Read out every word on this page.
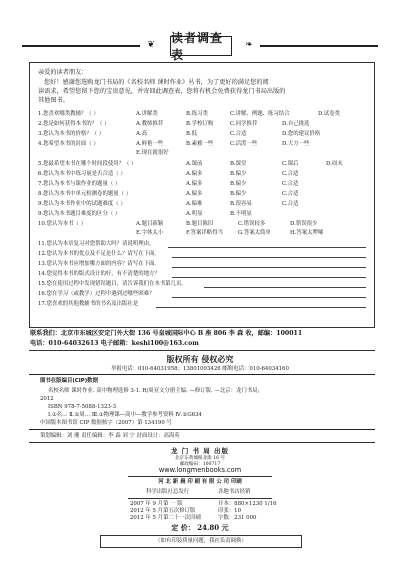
❦	读者调查表
❧
亲爱的读者朋友：
您好！感谢您选购龙门书局的《名校名师 课时作业》丛书，为了更好的满足您的阅
读需求，希望您留下您的宝贵意见，并寄回此调查表，您将有机会免费获得龙门书局出版的
其他图书。
1.您喜欢哪类教辅？（ ）	A.讲解类	B.练习类	C.讲解、例题、练习结合	D.试卷类
2.您是如何获得本书的？（ ）	A.教师推荐	B.学校订购	C.同学推荐	D.自己挑选
3.您认为本书的价格？（ ）	A.高	B.低	C.合适	D.您的建议价格
4.您希望本书的封面（ ）	A.鲜艳一些	B.素雅一些	C.活泼一些	D.大方一些
E.现在就很好
5.您最希望本书在哪个时间段使用？（ ）	A.课前	B.课堂	C.课后	D.周末
6.您认为本书中练习量是否合适（ ）	A.偏多	B.偏少	C.合适
7.您认为本书与课作业的题量（ ）	A.偏多	B.偏少	C.合适
8.您认为本书中单元检测卷的题量（ ）	A.偏多	B.偏少	C.合适
9.您认为本书作业中的试题难度（ ）	A.偏难	B.很容易	C.合适
9.您认为本书题目难度的区分（ ）	A.明显	B.不明显
10.您认为本书（ ）	A.题目新颖	B.题目陈旧	C.错误较多	D.错误很少
E.字体太小	F.答案详略得当	G.答案太简单	H.答案太啰嗦
11.您认为本章复习对您帮助大吗？请说明理由。
12.您认为本书的优点及不足是什么？请写在下面。
13.您认为本书应增加哪方面的内容？请写在下面。
14.您觉得本书的版式设计的好，有不清楚的地方？
15.您在使用过程中发现错误题目，请告诉我们在本书第几页。
16.您在学习（或教学）过程中遇到过哪些困难？
17.您喜欢的其他教辅书的书名及出版社是
联系我们：北京市东城区安定门外大街 136 号皇城国际中心 B 座 806 李 森 收，邮编：100011
电话：010-64032613 电子邮箱：keshi100@163.com
版权所有 侵权必究
举报电话：010-64031958；13801093426 邮购电话：010-64034160
图书在版编目(CIP)数据
名校名师 课时作业. 高中物理选修 3-1. R/周亚文分册主编. —修订版. —北京：龙门书局，
2012
ISBN 978-7-5088-1323-3
Ⅰ.①名… Ⅱ.①周… Ⅲ.①物理课—高中—教学参考资料 Ⅳ.①G634
中国版本图书馆 CIP 数据核字（2007）第 134190 号
策划编辑：刘 珊 责任编辑：李 森 刘 宁 封面设计：高海英
龙 门 书 局 出版
北京东黄城根北街 16 号
邮政编码：100717
www.longmenbooks.com
河 北 新 晨 印 刷 有 限 公 司 印刷
科学出版社总发行	各地书店经销
2007 年 9 月第 一 版
2012 年 5 月第五次修订版
2012 年 5 月第二十一次印刷
开本：880×1230 1/16
印张：10
字数：231 000
定 价： 24.80 元
（如有印装质量问题，我社负责调换）
